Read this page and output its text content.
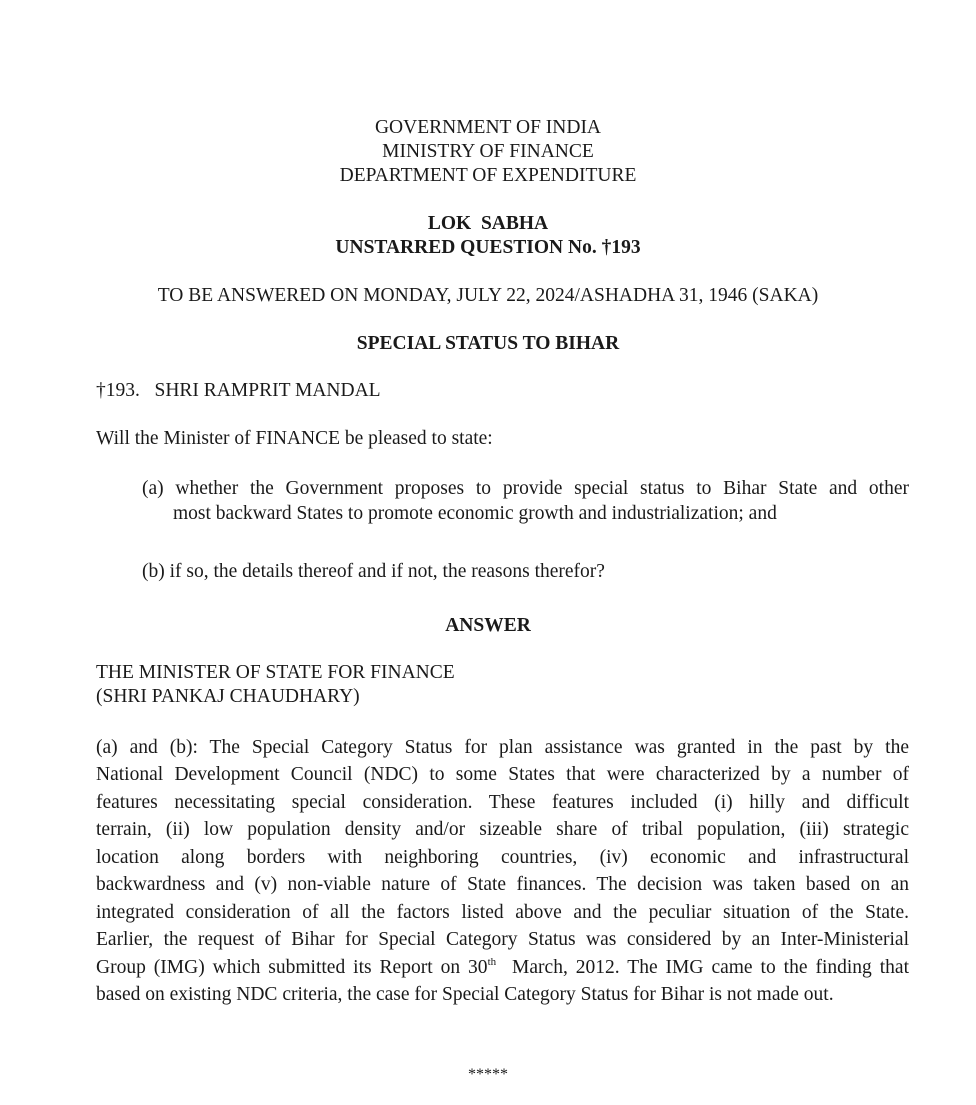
GOVERNMENT OF INDIA
MINISTRY OF FINANCE
DEPARTMENT OF EXPENDITURE
LOK  SABHA
UNSTARRED QUESTION No. †193
TO BE ANSWERED ON MONDAY, JULY 22, 2024/ASHADHA 31, 1946 (SAKA)
SPECIAL STATUS TO BIHAR
†193.   SHRI RAMPRIT MANDAL
Will the Minister of FINANCE be pleased to state:
(a) whether the Government proposes to provide special status to Bihar State and other
most backward States to promote economic growth and industrialization; and
(b) if so, the details thereof and if not, the reasons therefor?
ANSWER
THE MINISTER OF STATE FOR FINANCE
(SHRI PANKAJ CHAUDHARY)
(a) and (b): The Special Category Status for plan assistance was granted in the past by the
National Development Council (NDC) to some States that were characterized by a number of
features necessitating special consideration. These features included (i) hilly and difficult
terrain, (ii) low population density and/or sizeable share of tribal population, (iii) strategic
location along borders with neighboring countries, (iv) economic and infrastructural
backwardness and (v) non-viable nature of State finances. The decision was taken based on an
integrated consideration of all the factors listed above and the peculiar situation of the State.
Earlier, the request of Bihar for Special Category Status was considered by an Inter-Ministerial
Group (IMG) which submitted its Report on 30th  March, 2012. The IMG came to the finding that
based on existing NDC criteria, the case for Special Category Status for Bihar is not made out.
*****
